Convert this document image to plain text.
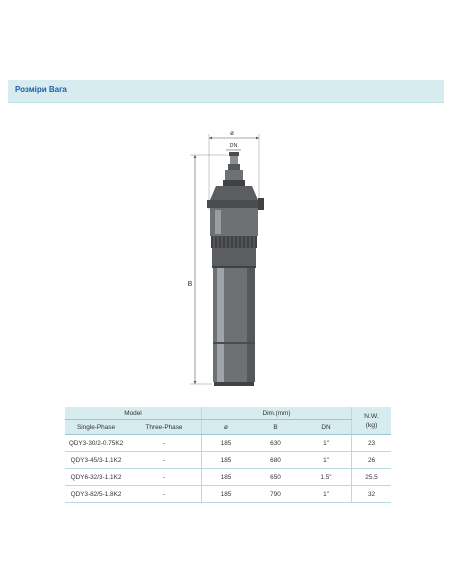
Розміри Вага
ø
DN
B
Model		Dim.(mm)			N.W.
(kg)
Single-Phase	Three-Phase	ø	B	DN	
QDY3-30/2-0.75K2	-	185	630	1"	23
QDY3-45/3-1.1K2	-	185	680	1"	26
QDY6-32/3-1.1K2	-	185	650	1.5"	25.5
QDY3-82/5-1.8K2	-	185	790	1"	32
